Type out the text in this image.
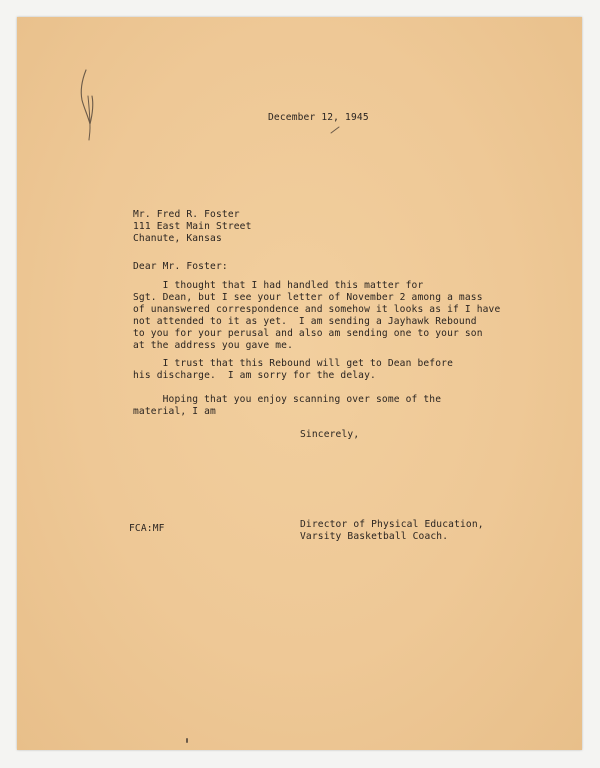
December 12, 1945
Mr. Fred R. Foster
111 East Main Street
Chanute, Kansas
Dear Mr. Foster:
I thought that I had handled this matter for
Sgt. Dean, but I see your letter of November 2 among a mass
of unanswered correspondence and somehow it looks as if I have
not attended to it as yet.  I am sending a Jayhawk Rebound
to you for your perusal and also am sending one to your son
at the address you gave me.
I trust that this Rebound will get to Dean before
his discharge.  I am sorry for the delay.
Hoping that you enjoy scanning over some of the
material, I am
Sincerely,
FCA:MF	Director of Physical Education,
Varsity Basketball Coach.
